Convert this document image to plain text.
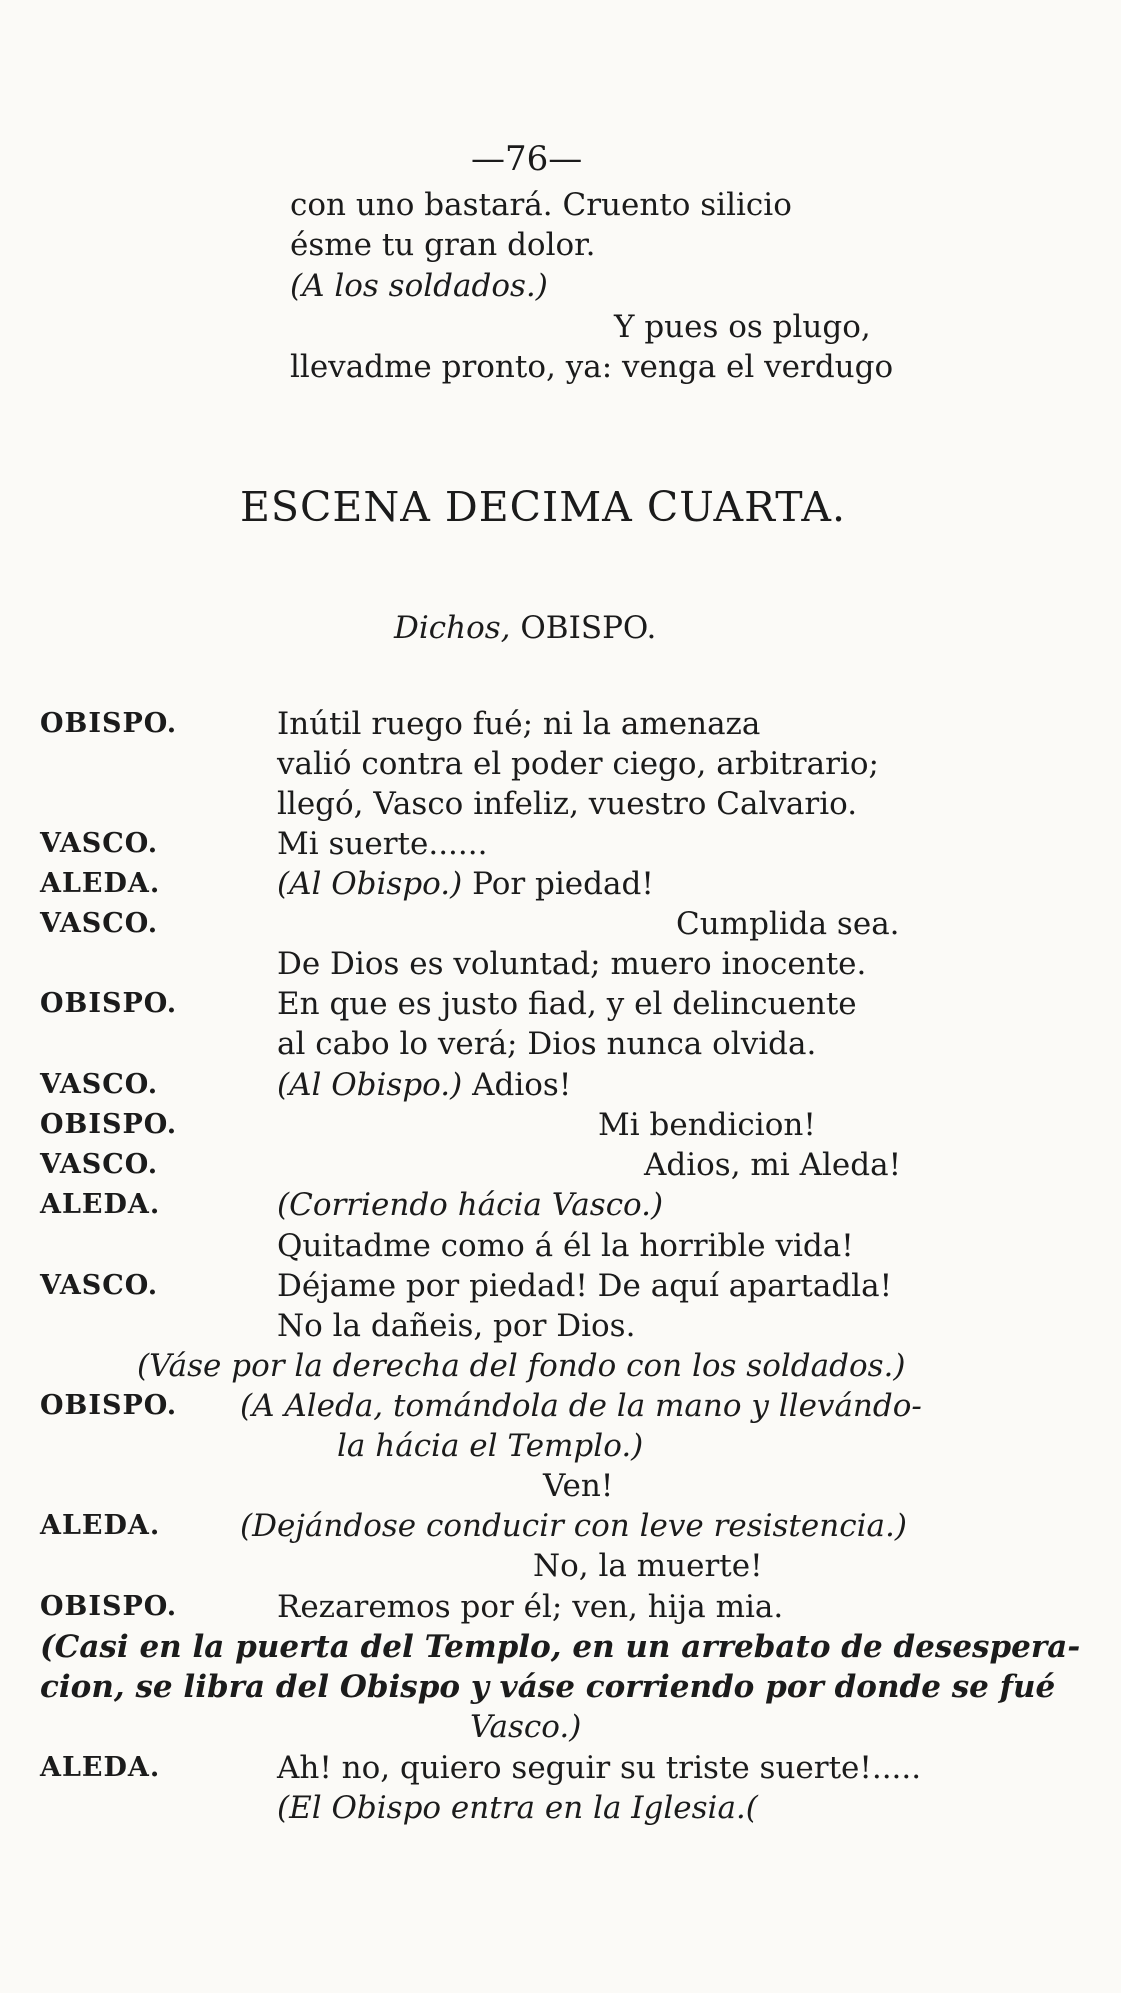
—76—
con uno bastará. Cruento silicio
ésme tu gran dolor.
(A los soldados.)
Y pues os plugo,
llevadme pronto, ya: venga el verdugo
ESCENA DECIMA CUARTA.
Dichos, OBISPO.
OBISPO.
VASCO.
ALEDA.
VASCO.
OBISPO.
VASCO.
OBISPO.
VASCO.
ALEDA.
VASCO.
OBISPO.
ALEDA.
OBISPO.
ALEDA.
Inútil ruego fué; ni la amenaza
valió contra el poder ciego, arbitrario;
llegó, Vasco infeliz, vuestro Calvario.
Mi suerte......
(Al Obispo.) Por piedad!
Cumplida sea.
De Dios es voluntad; muero inocente.
En que es justo fiad, y el delincuente
al cabo lo verá; Dios nunca olvida.
(Al Obispo.) Adios!
Mi bendicion!
Adios, mi Aleda!
(Corriendo hácia Vasco.)
Quitadme como á él la horrible vida!
Déjame por piedad! De aquí apartadla!
No la dañeis, por Dios.
(Váse por la derecha del fondo con los soldados.)
(A Aleda, tomándola de la mano y llevándo-
la hácia el Templo.)
Ven!
(Dejándose conducir con leve resistencia.)
No, la muerte!
Rezaremos por él; ven, hija mia.
(Casi en la puerta del Templo, en un arrebato de desespera-
cion, se libra del Obispo y váse corriendo por donde se fué
Vasco.)
Ah! no, quiero seguir su triste suerte!.....
(El Obispo entra en la Iglesia.(
